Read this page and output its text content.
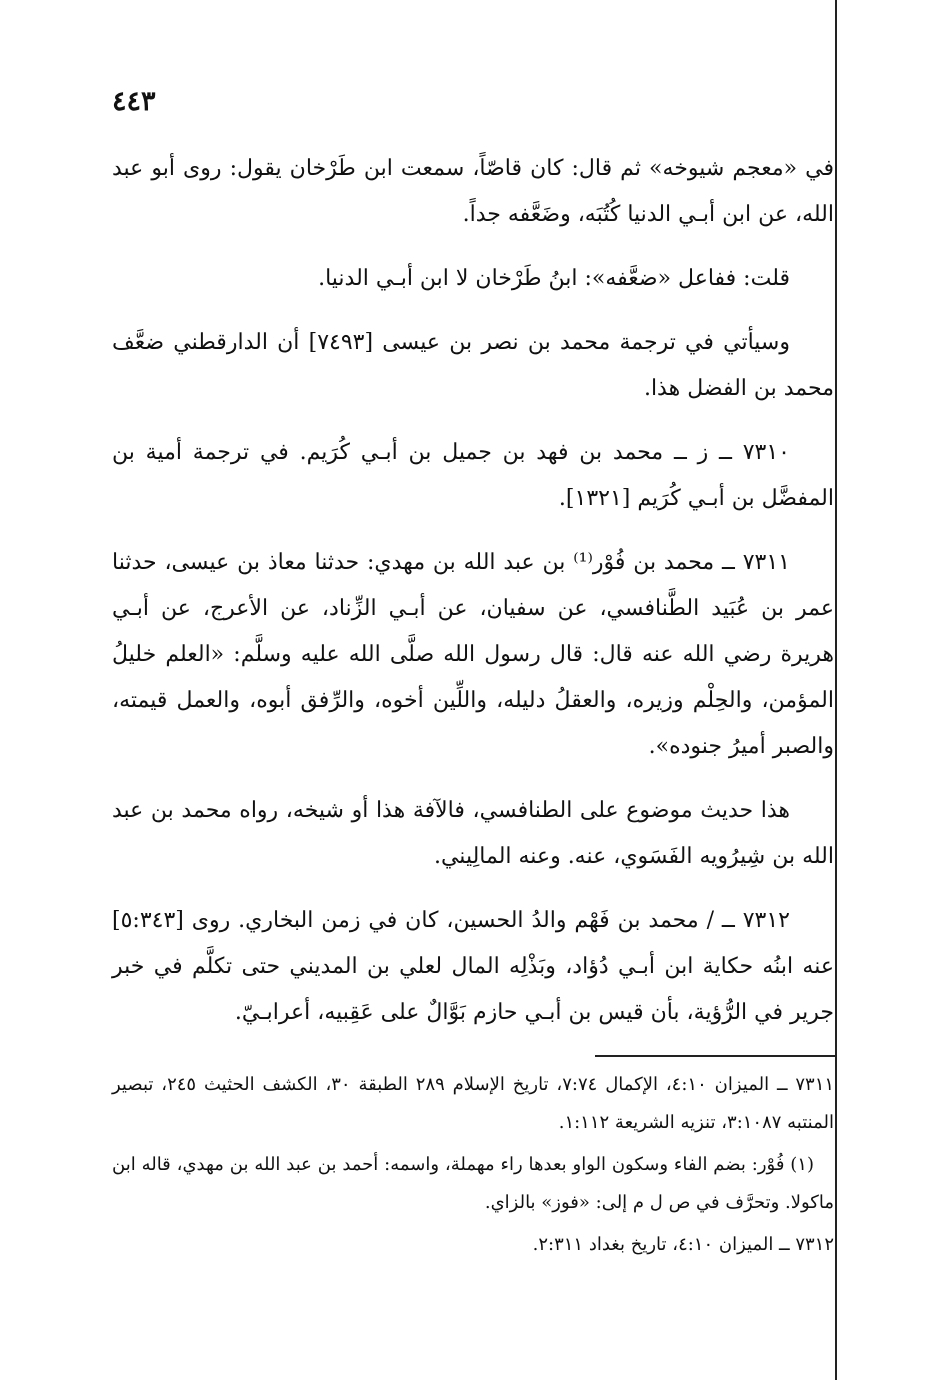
٤٤٣

في «معجم شيوخه» ثم قال: كان قاصّاً، سمعت ابن طَرْخان يقول: روى أبو عبد الله، عن ابن أبـي الدنيا كُتُبَه، وضَعَّفه جداً.

قلت: ففاعل «ضعَّفه»: ابنُ طَرْخان لا ابن أبـي الدنيا.

وسيأتي في ترجمة محمد بن نصر بن عيسى [٧٤٩٣] أن الدارقطني ضعَّف محمد بن الفضل هذا.

٧٣١٠ ــ ز ــ محمد بن فهد بن جميل بن أبـي كُرَيم. في ترجمة أمية بن المفضَّل بن أبـي كُرَيم [١٣٢١].

٧٣١١ ــ محمد بن فُوْر⁽¹⁾ بن عبد الله بن مهدي: حدثنا معاذ بن عيسى، حدثنا عمر بن عُبَيد الطَّنافسي، عن سفيان، عن أبـي الزِّناد، عن الأعرج، عن أبـي هريرة رضي الله عنه قال: قال رسول الله صلَّى الله عليه وسلَّم: «العلم خليلُ المؤمن، والحِلْم وزيره، والعقلُ دليله، واللِّين أخوه، والرِّفق أبوه، والعمل قيمته، والصبر أميرُ جنوده».

هذا حديث موضوع على الطنافسي، فالآفة هذا أو شيخه، رواه محمد بن عبد الله بن شِيرُويه الفَسَوي، عنه. وعنه المالِيني.

٧٣١٢ ــ / محمد بن فَهْم والدُ الحسين، كان في زمن البخاري. روى [٥:٣٤٣] عنه ابنُه حكاية ابن أبـي دُؤاد، وبَذْلِه المال لعلي بن المديني حتى تكلَّم في خبر جرير في الرُّؤية، بأن قيس بن أبـي حازم بَوَّالٌ على عَقِبيه، أعرابـيّ.

٧٣١١ ــ الميزان ٤:١٠، الإكمال ٧:٧٤، تاريخ الإسلام ٢٨٩ الطبقة ٣٠، الكشف الحثيث ٢٤٥، تبصير المنتبه ٣:١٠٨٧، تنزيه الشريعة ١:١١٢.

(١) فُوْر: بضم الفاء وسكون الواو بعدها راء مهملة، واسمه: أحمد بن عبد الله بن مهدي، قاله ابن ماكولا. وتحرَّف في ص ل م إلى: «فوز» بالزاي.

٧٣١٢ ــ الميزان ٤:١٠، تاريخ بغداد ٢:٣١١.
